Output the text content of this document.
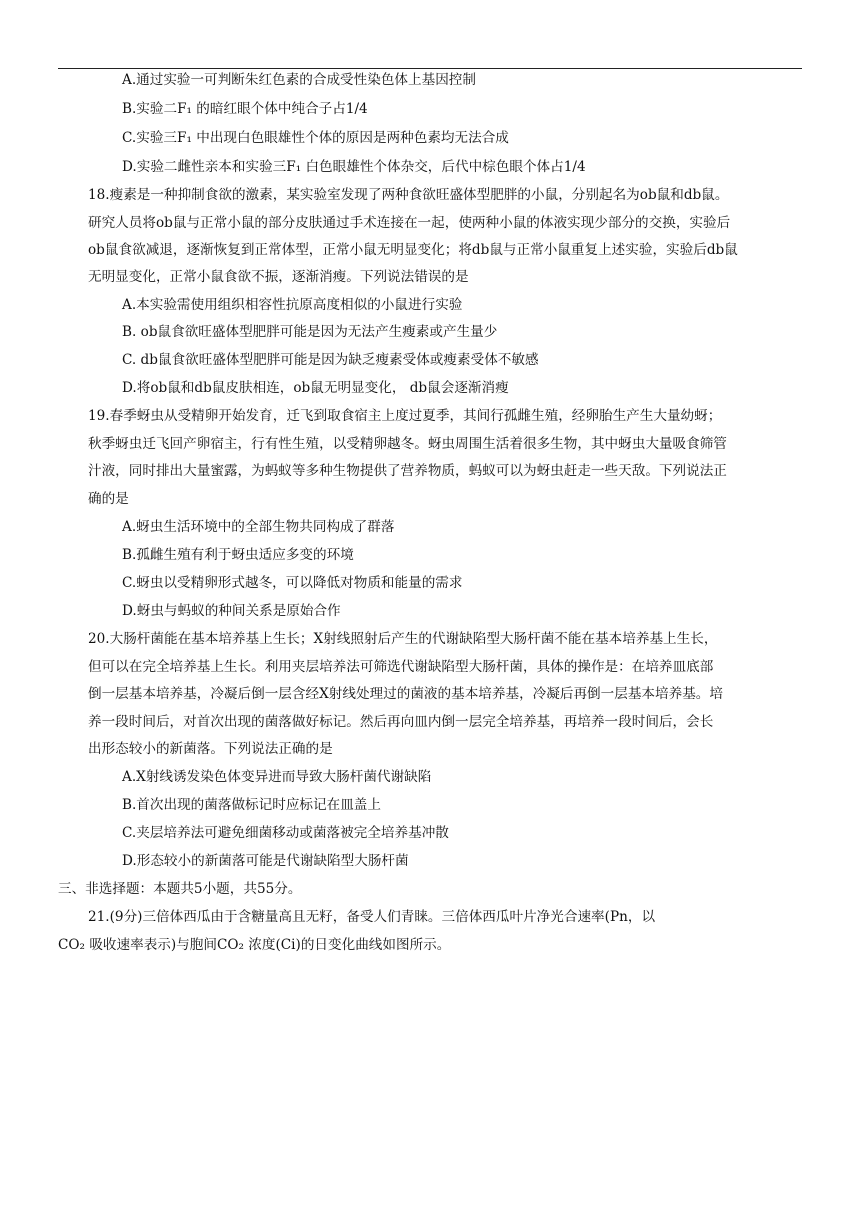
A.通过实验一可判断朱红色素的合成受性染色体上基因控制
B.实验二F₁ 的暗红眼个体中纯合子占1/4
C.实验三F₁ 中出现白色眼雄性个体的原因是两种色素均无法合成
D.实验二雌性亲本和实验三F₁ 白色眼雄性个体杂交，后代中棕色眼个体占1/4
18.瘦素是一种抑制食欲的激素，某实验室发现了两种食欲旺盛体型肥胖的小鼠，分别起名为ob鼠和db鼠。
研究人员将ob鼠与正常小鼠的部分皮肤通过手术连接在一起，使两种小鼠的体液实现少部分的交换，实验后
ob鼠食欲减退，逐渐恢复到正常体型，正常小鼠无明显变化；将db鼠与正常小鼠重复上述实验，实验后db鼠
无明显变化，正常小鼠食欲不振，逐渐消瘦。下列说法错误的是
A.本实验需使用组织相容性抗原高度相似的小鼠进行实验
B. ob鼠食欲旺盛体型肥胖可能是因为无法产生瘦素或产生量少
C. db鼠食欲旺盛体型肥胖可能是因为缺乏瘦素受体或瘦素受体不敏感
D.将ob鼠和db鼠皮肤相连，ob鼠无明显变化， db鼠会逐渐消瘦
19.春季蚜虫从受精卵开始发育，迁飞到取食宿主上度过夏季，其间行孤雌生殖，经卵胎生产生大量幼蚜；
秋季蚜虫迁飞回产卵宿主，行有性生殖，以受精卵越冬。蚜虫周围生活着很多生物，其中蚜虫大量吸食筛管
汁液，同时排出大量蜜露，为蚂蚁等多种生物提供了营养物质，蚂蚁可以为蚜虫赶走一些天敌。下列说法正
确的是
A.蚜虫生活环境中的全部生物共同构成了群落
B.孤雌生殖有利于蚜虫适应多变的环境
C.蚜虫以受精卵形式越冬，可以降低对物质和能量的需求
D.蚜虫与蚂蚁的种间关系是原始合作
20.大肠杆菌能在基本培养基上生长；X射线照射后产生的代谢缺陷型大肠杆菌不能在基本培养基上生长，
但可以在完全培养基上生长。利用夹层培养法可筛选代谢缺陷型大肠杆菌，具体的操作是：在培养皿底部
倒一层基本培养基，冷凝后倒一层含经X射线处理过的菌液的基本培养基，冷凝后再倒一层基本培养基。培
养一段时间后，对首次出现的菌落做好标记。然后再向皿内倒一层完全培养基，再培养一段时间后，会长
出形态较小的新菌落。下列说法正确的是
A.X射线诱发染色体变异进而导致大肠杆菌代谢缺陷
B.首次出现的菌落做标记时应标记在皿盖上
C.夹层培养法可避免细菌移动或菌落被完全培养基冲散
D.形态较小的新菌落可能是代谢缺陷型大肠杆菌
三、非选择题：本题共5小题，共55分。
21.(9分)三倍体西瓜由于含糖量高且无籽，备受人们青睐。三倍体西瓜叶片净光合速率(Pn，以
CO₂ 吸收速率表示)与胞间CO₂ 浓度(Ci)的日变化曲线如图所示。
